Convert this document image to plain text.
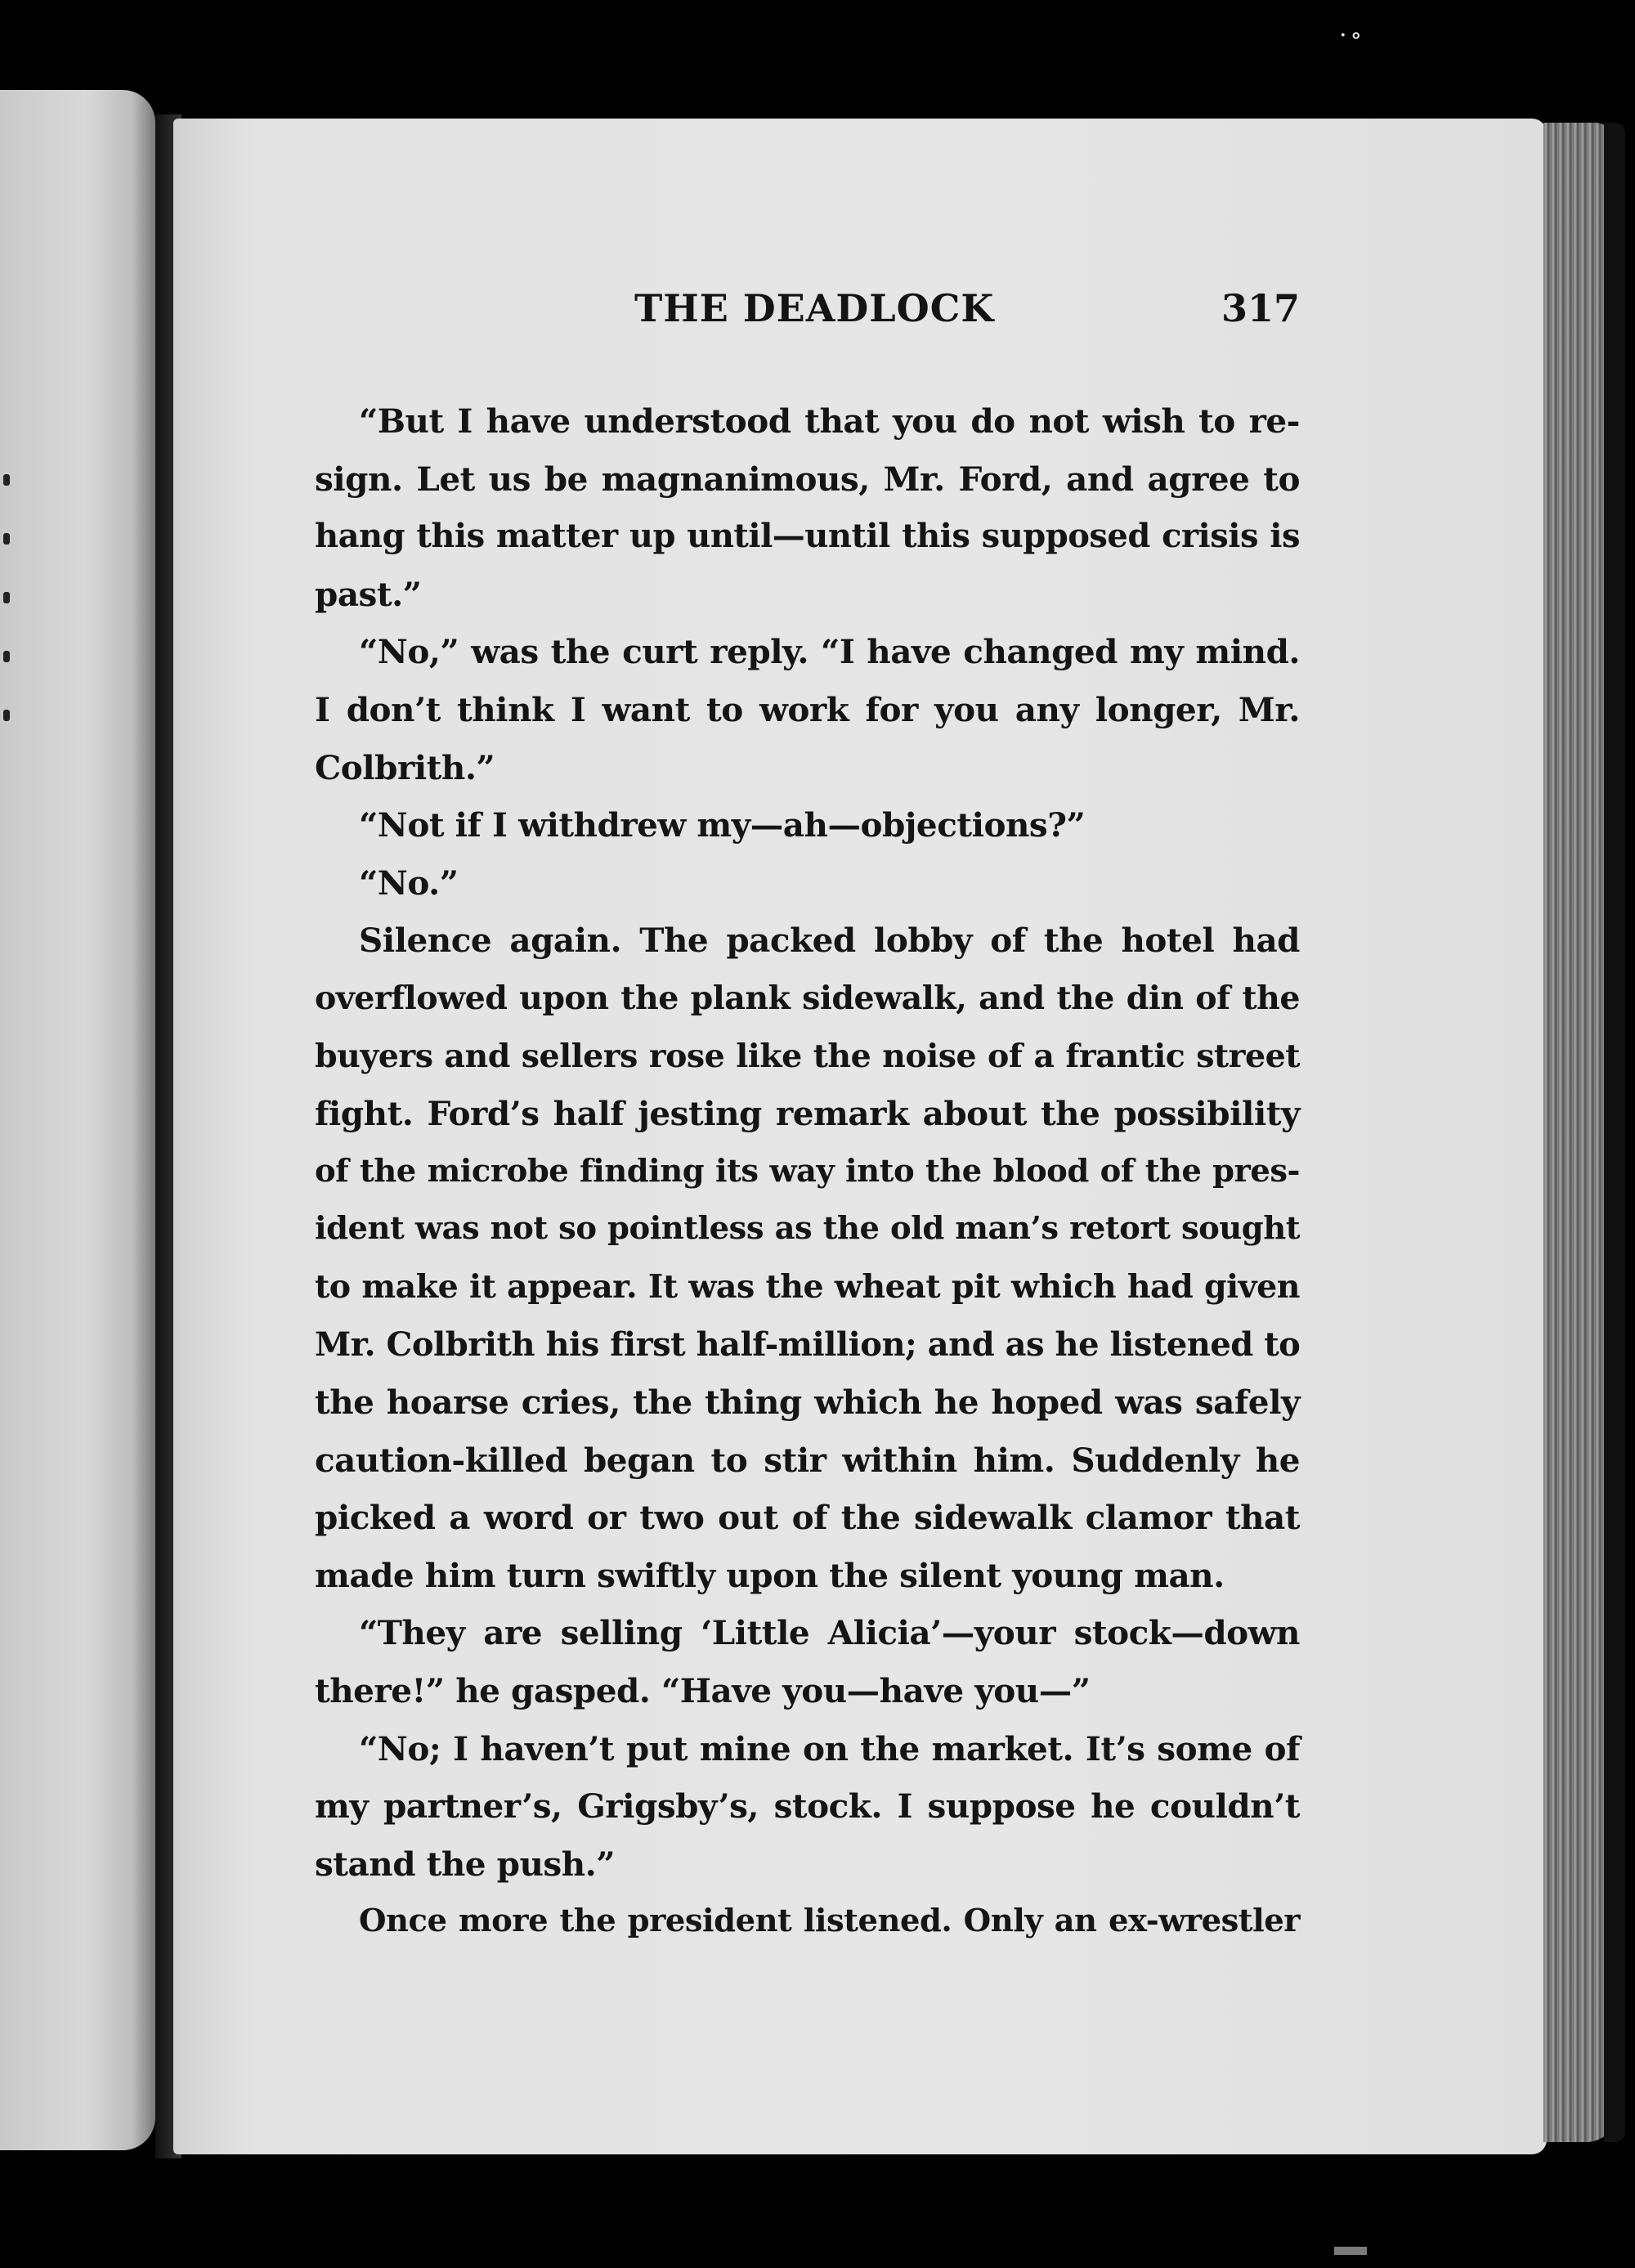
·∘
THE DEADLOCK	317
“But I have understood that you do not wish to re-
sign. Let us be magnanimous, Mr. Ford, and agree to
hang this matter up until—until this supposed crisis is
past.”
“No,” was the curt reply. “I have changed my mind.
I don’t think I want to work for you any longer, Mr.
Colbrith.”
“Not if I withdrew my—ah—objections?”
“No.”
Silence again. The packed lobby of the hotel had
overflowed upon the plank sidewalk, and the din of the
buyers and sellers rose like the noise of a frantic street
fight. Ford’s half jesting remark about the possibility
of the microbe finding its way into the blood of the pres-
ident was not so pointless as the old man’s retort sought
to make it appear. It was the wheat pit which had given
Mr. Colbrith his first half-million; and as he listened to
the hoarse cries, the thing which he hoped was safely
caution-killed began to stir within him. Suddenly he
picked a word or two out of the sidewalk clamor that
made him turn swiftly upon the silent young man.
“They are selling ‘Little Alicia’—your stock—down
there!” he gasped. “Have you—have you—”
“No; I haven’t put mine on the market. It’s some of
my partner’s, Grigsby’s, stock. I suppose he couldn’t
stand the push.”
Once more the president listened. Only an ex-wrestler
